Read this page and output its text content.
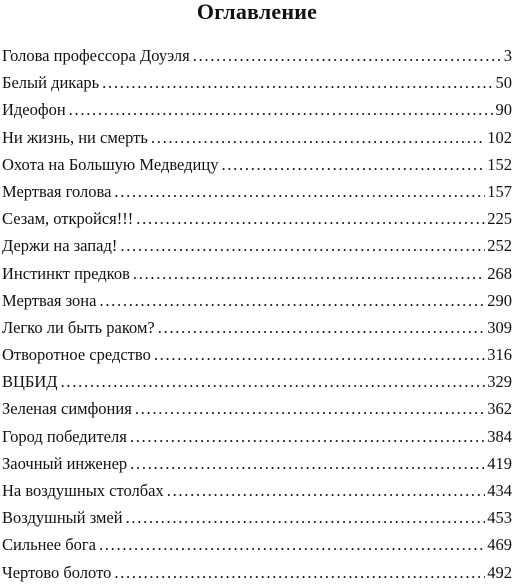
Оглавление
Голова профессора Доуэля . . .	3
Белый дикарь . . .	50
Идеофон . . .	90
Ни жизнь, ни смерть . . .	102
Охота на Большую Медведицу . . .	152
Мертвая голова . . .	157
Сезам, откройся!!! . . .	225
Держи на запад! . . .	252
Инстинкт предков . . .	268
Мертвая зона . . .	290
Легко ли быть раком? . . .	309
Отворотное средство . . .	316
ВЦБИД . . .	329
Зеленая симфония . . .	362
Город победителя . . .	384
Заочный инженер . . .	419
На воздушных столбах . . .	434
Воздушный змей . . .	453
Сильнее бога . . .	469
Чертово болото . . .	492
